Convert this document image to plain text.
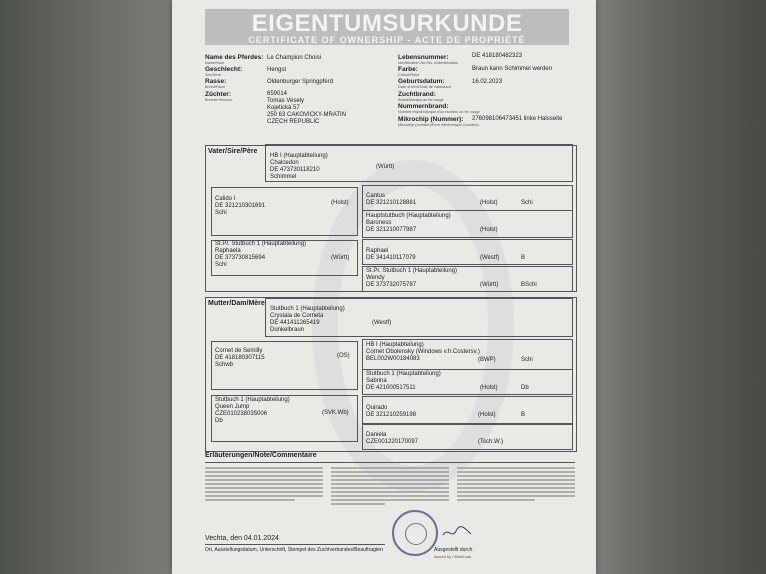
EIGENTUMSURKUNDE
CERTIFICATE OF OWNERSHIP - ACTE DE PROPRIÉTÉ
Name des Pferdes:
Name/Nom
Le Champion Choisi
Geschlecht:
Sex/Sexe
Hengst
Rasse:
Breed/Race
Oldenburger Springpferd
Züchter:
Breeder/Eleveur
659014
Tomas Vesely
Kojetická 57
250 63 CAKOVICKY-MRATIN
CZECH REPUBLIC
Lebensnummer:
Identification No./No. d'identification
DE 418180482323
Farbe:
Colour/Robe
Braun kann Schimmel werden
Geburtsdatum:
Date of birth/Date de naissance
16.02.2023
Zuchtbrand:
Brand/Marque au fer rouge
Nummernbrand:
Number brand/Marque d'un numéro au fer rouge
Mikrochip (Nummer):
Microchip (number)/Puce électronique (numéro)
276098106473451 linke Halsseite
Vater/Sire/Père
HB I (Hauptabteilung)
Chalcedon
DE 473730118210
Schimmel
(Württ)
Calido I
DE 321210301691
Schi
(Holst)
Cantus
DE 321210128881	(Holst)	Schi
Hauptstutbuch (Hauptabteilung)
Baroness
DE 321210077987	(Holst)
St.Pr. Stutbuch 1 (Hauptabteilung)
Raphaela
DE 373730815694
Schi
(Württ)
Raphael
DE 341410117079	(Westf)	B
St.Pr. Stutbuch 1 (Hauptabteilung)
Wendy
DE 373732075787	(Württ)	BSchi
Mutter/Dam/Mère
Stutbuch 1 (Hauptabteilung)
Crystala de Corneta
DE 441411265419
Dunkelbraun
(Westf)
Cornet de Semilly
DE 418180307115
Schwb
(OS)
HB I (Hauptabteilung)
Cornet Obolensky (Windows v.h.Costersv.)
BEL002W00184083	(BWP)	Schi
Stutbuch 1 (Hauptabteilung)
Sabrina
DE 421000517511	(Holst)	Db
Stutbuch 1 (Hauptabteilung)
Queen Jump
CZE010238035006
Db
(SVK.Wb)
Quirado
DE 321210259198	(Holst)	B
Daniela
CZE001220170097	(Tsch.W.)
Erläuterungen/Note/Commentaire
Vechta, den 04.01.2024
Ort, Ausstellungsdatum, Unterschrift, Stempel des Zuchtverbandes/Beauftragten	Ausgestellt durch
Issued by / Etabli par
